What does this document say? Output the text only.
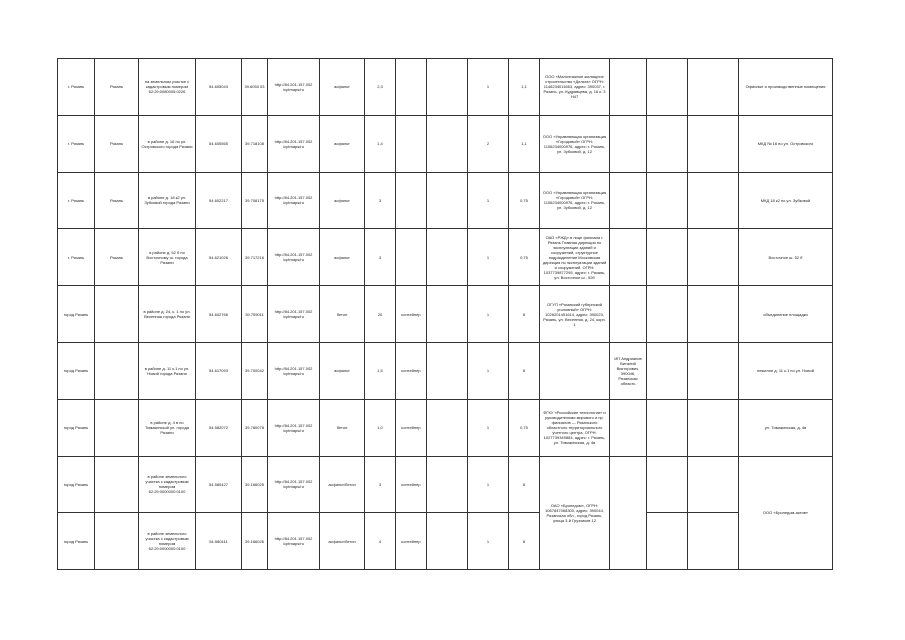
г. Рязань	Рязань	на земельном участке с кадастровым номером 62:29:0080005:0226	54.605043	39.6050 03	http://84.201.157.002 /cptmaps/ru	асфальт	2,3			1	1,1	ООО «Малоэтажное жилищное строительство «Дельта» ОГРН: 1146234011663, адрес: 390037, г. Рязань, ул. Кудрявцева, д. 16 к. 3 Н47				Офисные и производственные помещения
г. Рязань	Рязань	в районе д. 16 по ул. Островского города Рязани	54.605565	39.718108	http://84.201.157.002 /cptmaps/ru	асфальт	1,4			2	1,1	ООО «Управляющая организация «Городовой» ОГРН: 1106234000976, адрес: г. Рязань, ул. Зубковой, д. 12				МКД № 16 по ул. Островского
г. Рязань	Рязань	в районе д. 18 к2 ул. Зубковой города Рязани	54.602217	39.708175	http://84.201.157.002 /cptmaps/ru	асфальт	3			1	0,75	ООО «Управляющая организация «Городовой» ОГРН: 1106234000976, адрес: г. Рязань, ул. Зубковой, д. 12				МКД 18 к2 по ул. Зубковой
г. Рязань	Рязань	в районе д. 52 б по Восточному ш. города Рязани	54.621026	39.717216	http://84.201.157.002 /cptmaps/ru	асфальт	3			1	0,75	ОАО «РЖД» в лице филиала г. Рязань Главная дирекция по эксплуатации зданий и сооружений, структурное подразделение Московская дирекция по эксплуатации зданий и сооружений, ОГРН: 1037739877295, адрес: г. Рязань, ул. Восточное ш., 52б				Восточное ш. 52 б
город Рязань		в районе д. 24, к. 1 по ул. Весенняя города Рязани	54.602766	39.759011	http://84.201.157.002 /cptmaps/ru	бетон	20	контейнер		1	8	ОГУП «Рязанский губернский уголовный» ОГРН: 1026201451614, адрес: 390023, Рязань, ул. Весенняя, д. 24, корп. 1				объединение площадки
город Рязань		в районе д. 11 к.1 по ул. Новой города Рязани	54.617093	39.700042	http://84.201.157.002 /cptmaps/ru	асфальт	1,5	контейнер		1	8		ИП Андрианов Виталий Викторович, 390046, Рязанская область			нежилое д. 11 к.1 по ул. Новой
город Рязань		в районе д. 4 в по Тимакинской ул. города Рязани	54.582072	39.780078	http://84.201.157.002 /cptmaps/ru	бетон	1,0	контейнер		1	0,75	ФГКУ «Российские технологии» и руководителями мирового и пр. филиалов — Рязанского областного территориального учетного центра, ОГРН: 1027739349884, адрес: г. Рязань, ул. Тимакинская, д. 4в				ул. Тимакинская, д. 4в
город Рязань		в районе земельного участка с кадастровым номером 62:29:0000000:0100	54.580427	39.166025	http://84.201.157.002 /cptmaps/ru	асфальт/бетон	3	контейнер		1	8	ОАО «Бронедом», ОГРН: 1067847068300, адрес: 390044, Рязанская обл., город Рязань, улица 3-й Грузчиков 12				ООО «Бронедом-актив»
город Рязань		в районе земельного участка с кадастровым номером 62:29:0000000:0100	54.580411	39.166026	http://84.201.157.002 /cptmaps/ru	асфальт/бетон	4	контейнер		1	8					
